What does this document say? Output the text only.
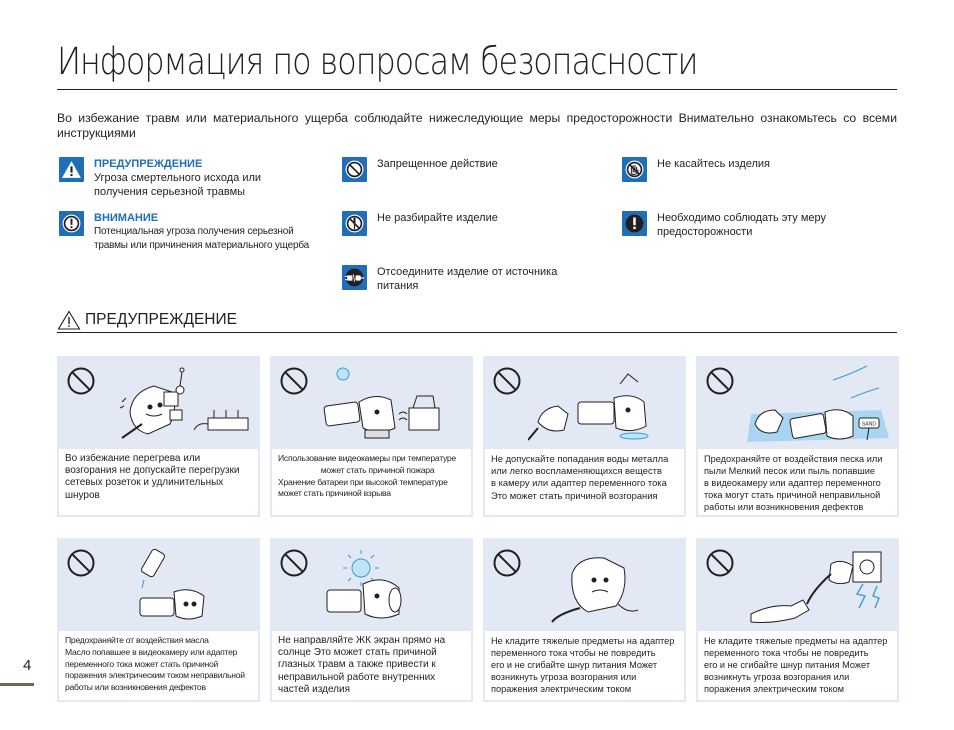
Информация по вопросам безопасности
Во избежание травм или материального ущерба соблюдайте нижеследующие меры предосторожности Внимательно ознакомьтесь со всеми инструкциями
ПРЕДУПРЕЖДЕНИЕ
Угроза смертельного исхода или
получения серьезной травмы
ВНИМАНИЕ
Потенциальная угроза получения серьезной
травмы или причинения материального ущерба
Запрещенное действие
Не разбирайте изделие
Отсоедините изделие от источника
питания
Не касайтесь изделия
Необходимо соблюдать эту меру
предосторожности
ПРЕДУПРЕЖДЕНИЕ
Во избежание перегрева или
возгорания не допускайте перегрузки
сетевых розеток и удлинительных
шнуров
Использование видеокамеры при температуре
может стать причиной пожара
Хранение батареи при высокой температуре
может стать причиной взрыва
Не допускайте попадания воды металла
или легко воспламеняющихся веществ
в камеру или адаптер переменного тока
Это может стать причиной возгорания
SAND
Предохраняйте от воздействия песка или
пыли Мелкий песок или пыль попавшие
в видеокамеру или адаптер переменного
тока могут стать причиной неправильной
работы или возникновения дефектов
Предохраняйте от воздействия масла
Масло попавшее в видеокамеру или адаптер
переменного тока может стать причиной
поражения электрическим током неправильной
работы или возникновения дефектов
Не направляйте ЖК экран прямо на
солнце Это может стать причиной
глазных травм а также привести к
неправильной работе внутренних
частей изделия
Не кладите тяжелые предметы на адаптер
переменного тока чтобы не повредить
его и не сгибайте шнур питания Может
возникнуть угроза возгорания или
поражения электрическим током
Не кладите тяжелые предметы на адаптер
переменного тока чтобы не повредить
его и не сгибайте шнур питания Может
возникнуть угроза возгорания или
поражения электрическим током
4
